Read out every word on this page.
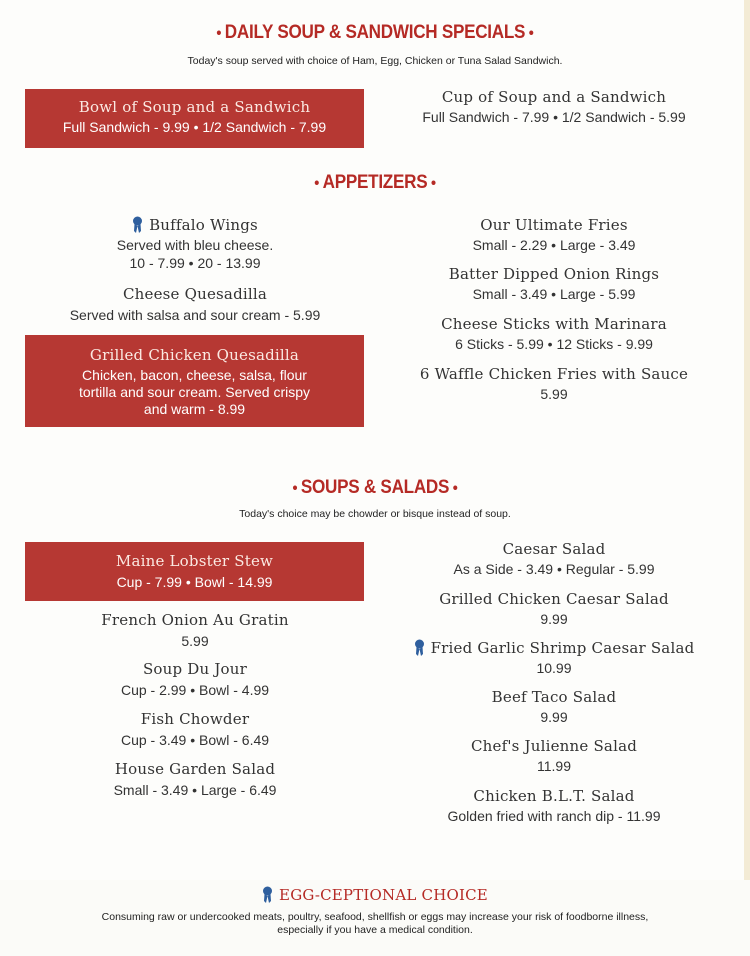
• DAILY SOUP & SANDWICH SPECIALS •
Today's soup served with choice of Ham, Egg, Chicken or Tuna Salad Sandwich.
Bowl of Soup and a Sandwich
Full Sandwich - 9.99 • 1/2 Sandwich - 7.99
Cup of Soup and a Sandwich
Full Sandwich - 7.99 • 1/2 Sandwich - 5.99
• APPETIZERS •
Buffalo Wings
Served with bleu cheese.
10 - 7.99 • 20 - 13.99
Cheese Quesadilla
Served with salsa and sour cream - 5.99
Grilled Chicken Quesadilla
Chicken, bacon, cheese, salsa, flour
tortilla and sour cream. Served crispy
and warm - 8.99
Our Ultimate Fries
Small - 2.29 • Large - 3.49
Batter Dipped Onion Rings
Small - 3.49 • Large - 5.99
Cheese Sticks with Marinara
6 Sticks - 5.99 • 12 Sticks - 9.99
6 Waffle Chicken Fries with Sauce
5.99
• SOUPS & SALADS •
Today's choice may be chowder or bisque instead of soup.
Maine Lobster Stew
Cup - 7.99 • Bowl - 14.99
French Onion Au Gratin
5.99
Soup Du Jour
Cup - 2.99 • Bowl - 4.99
Fish Chowder
Cup - 3.49 • Bowl - 6.49
House Garden Salad
Small - 3.49 • Large - 6.49
Caesar Salad
As a Side - 3.49 • Regular - 5.99
Grilled Chicken Caesar Salad
9.99
Fried Garlic Shrimp Caesar Salad
10.99
Beef Taco Salad
9.99
Chef's Julienne Salad
11.99
Chicken B.L.T. Salad
Golden fried with ranch dip - 11.99
EGG-CEPTIONAL CHOICE
Consuming raw or undercooked meats, poultry, seafood, shellfish or eggs may increase your risk of foodborne illness,
especially if you have a medical condition.
